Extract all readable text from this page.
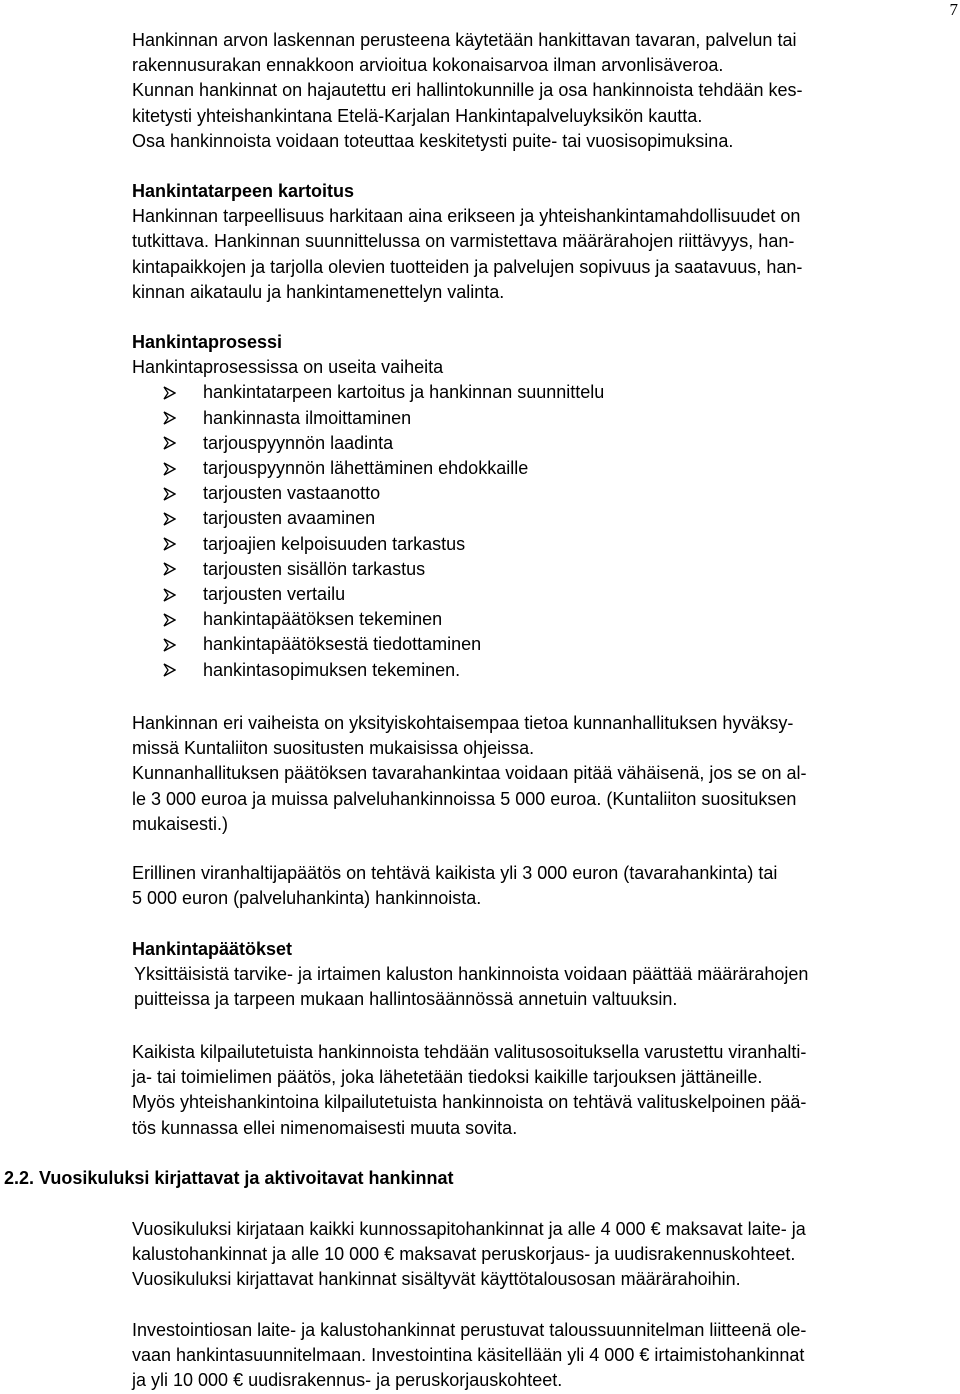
7
Hankinnan arvon laskennan perusteena käytetään hankittavan tavaran, palvelun tai
rakennusurakan ennakkoon arvioitua kokonaisarvoa ilman arvonlisäveroa.
Kunnan hankinnat on hajautettu eri hallintokunnille ja osa hankinnoista tehdään kes-
kitetysti yhteishankintana Etelä-Karjalan Hankintapalveluyksikön kautta.
Osa hankinnoista voidaan toteuttaa keskitetysti puite- tai vuosisopimuksina.
Hankintatarpeen kartoitus
Hankinnan tarpeellisuus harkitaan aina erikseen ja yhteishankintamahdollisuudet on
tutkittava. Hankinnan suunnittelussa on varmistettava määrärahojen riittävyys, han-
kintapaikkojen ja tarjolla olevien tuotteiden ja palvelujen sopivuus ja saatavuus, han-
kinnan aikataulu ja hankintamenettelyn valinta.
Hankintaprosessi
Hankintaprosessissa on useita vaiheita
hankintatarpeen kartoitus ja hankinnan suunnittelu
hankinnasta ilmoittaminen
tarjouspyynnön laadinta
tarjouspyynnön lähettäminen ehdokkaille
tarjousten vastaanotto
tarjousten avaaminen
tarjoajien kelpoisuuden tarkastus
tarjousten sisällön tarkastus
tarjousten vertailu
hankintapäätöksen tekeminen
hankintapäätöksestä tiedottaminen
hankintasopimuksen tekeminen.
Hankinnan eri vaiheista on yksityiskohtaisempaa tietoa kunnanhallituksen hyväksy-
missä Kuntaliiton suositusten mukaisissa ohjeissa.
Kunnanhallituksen päätöksen tavarahankintaa voidaan pitää vähäisenä, jos se on al-
le 3 000 euroa ja muissa palveluhankinnoissa 5 000 euroa. (Kuntaliiton suosituksen
mukaisesti.)
Erillinen viranhaltijapäätös on tehtävä kaikista yli 3 000 euron (tavarahankinta) tai
5 000 euron (palveluhankinta) hankinnoista.
Hankintapäätökset
Yksittäisistä tarvike- ja irtaimen kaluston hankinnoista voidaan päättää määrärahojen
puitteissa ja tarpeen mukaan hallintosäännössä annetuin valtuuksin.
Kaikista kilpailutetuista hankinnoista tehdään valitusosoituksella varustettu viranhalti-
ja- tai toimielimen päätös, joka lähetetään tiedoksi kaikille tarjouksen jättäneille.
Myös yhteishankintoina kilpailutetuista hankinnoista on tehtävä valituskelpoinen pää-
tös kunnassa ellei nimenomaisesti muuta sovita.
2.2. Vuosikuluksi kirjattavat ja aktivoitavat hankinnat
Vuosikuluksi kirjataan kaikki kunnossapitohankinnat ja alle 4 000 € maksavat laite- ja
kalustohankinnat ja alle 10 000 € maksavat peruskorjaus- ja uudisrakennuskohteet.
Vuosikuluksi kirjattavat hankinnat sisältyvät käyttötalousosan määrärahoihin.
Investointiosan laite- ja kalustohankinnat perustuvat taloussuunnitelman liitteenä ole-
vaan hankintasuunnitelmaan. Investointina käsitellään yli 4 000 € irtaimistohankinnat
ja yli 10 000 € uudisrakennus- ja peruskorjauskohteet.
